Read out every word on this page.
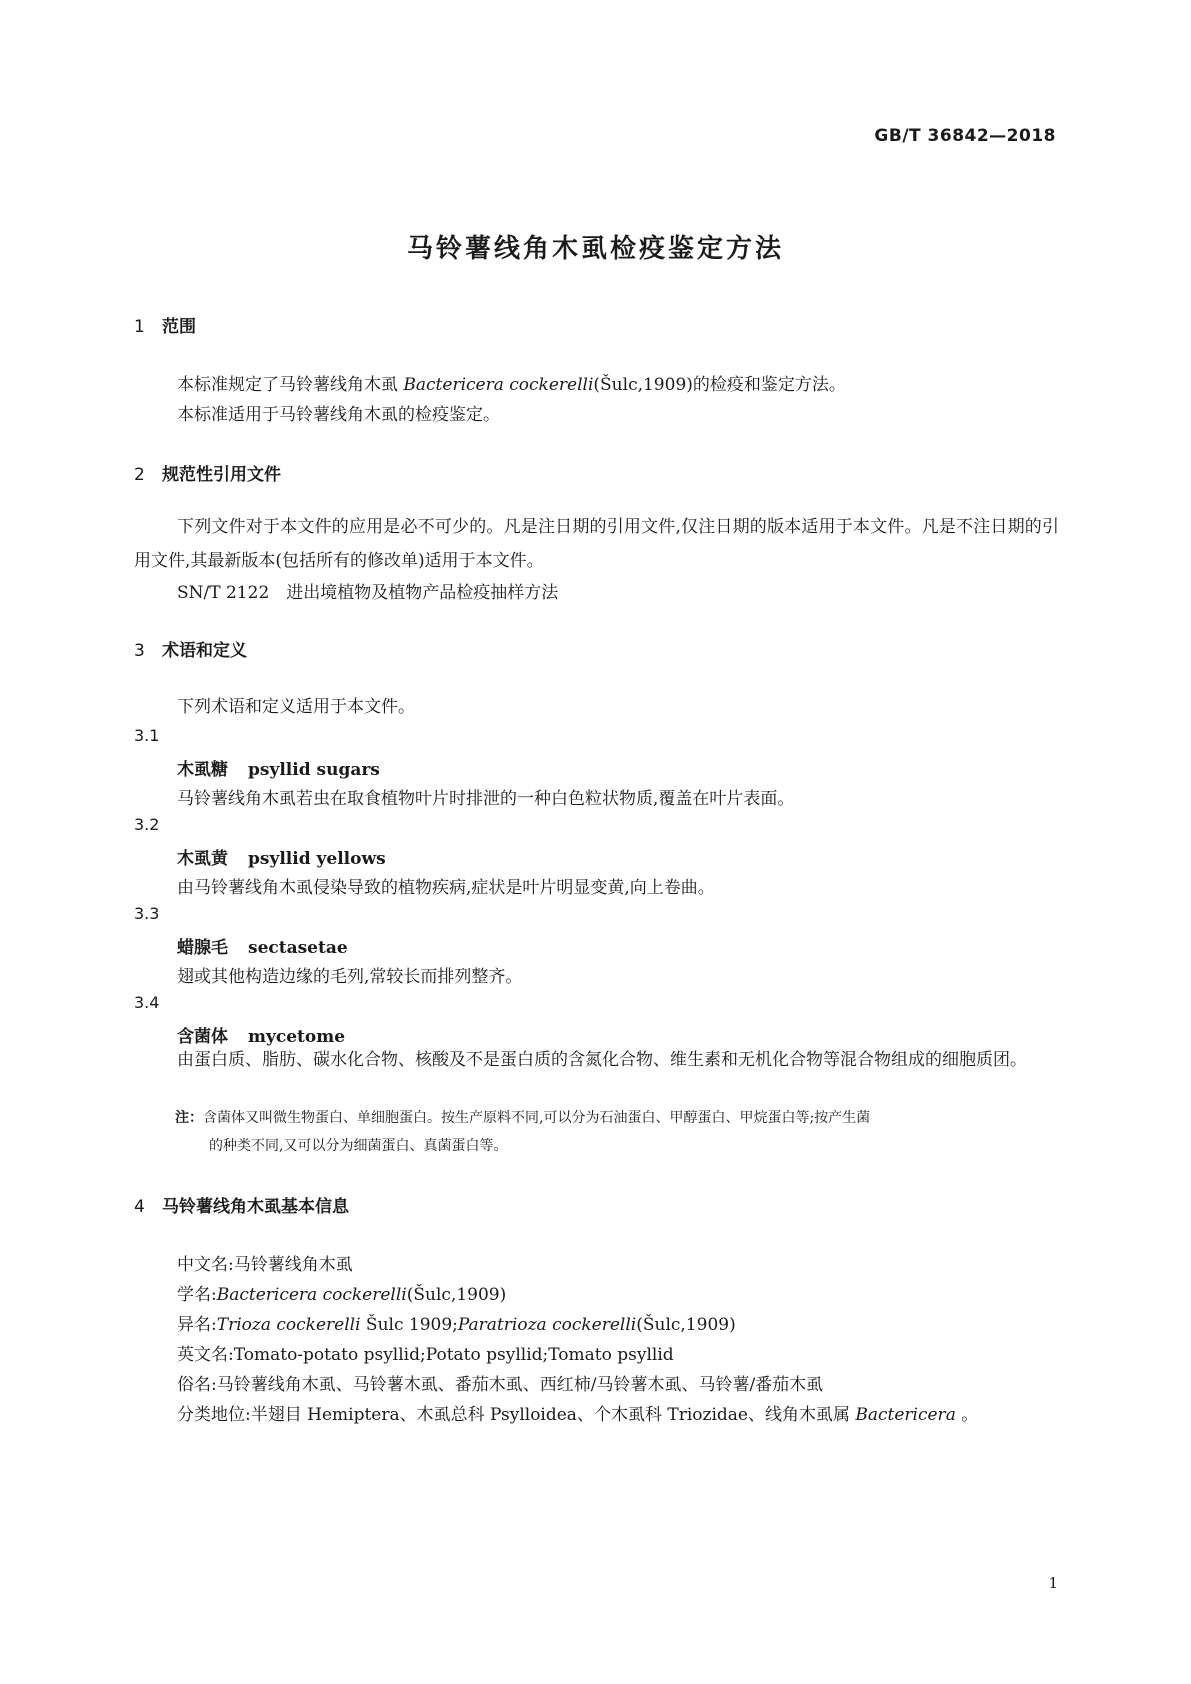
GB/T 36842—2018
马铃薯线角木虱检疫鉴定方法
1 范围
本标准规定了马铃薯线角木虱 Bactericera cockerelli(Šulc,1909)的检疫和鉴定方法。
本标准适用于马铃薯线角木虱的检疫鉴定。
2 规范性引用文件
下列文件对于本文件的应用是必不可少的。凡是注日期的引用文件,仅注日期的版本适用于本文件。凡是不注日期的引用文件,其最新版本(包括所有的修改单)适用于本文件。
SN/T 2122　进出境植物及植物产品检疫抽样方法
3 术语和定义
下列术语和定义适用于本文件。
3.1
木虱糖 psyllid sugars
马铃薯线角木虱若虫在取食植物叶片时排泄的一种白色粒状物质,覆盖在叶片表面。
3.2
木虱黄 psyllid yellows
由马铃薯线角木虱侵染导致的植物疾病,症状是叶片明显变黄,向上卷曲。
3.3
蜡腺毛 sectasetae
翅或其他构造边缘的毛列,常较长而排列整齐。
3.4
含菌体 mycetome
由蛋白质、脂肪、碳水化合物、核酸及不是蛋白质的含氮化合物、维生素和无机化合物等混合物组成的细胞质团。
注：含菌体又叫微生物蛋白、单细胞蛋白。按生产原料不同,可以分为石油蛋白、甲醇蛋白、甲烷蛋白等;按产生菌
的种类不同,又可以分为细菌蛋白、真菌蛋白等。
4 马铃薯线角木虱基本信息
中文名:马铃薯线角木虱
学名:Bactericera cockerelli(Šulc,1909)
异名:Trioza cockerelli Šulc 1909;Paratrioza cockerelli(Šulc,1909)
英文名:Tomato-potato psyllid;Potato psyllid;Tomato psyllid
俗名:马铃薯线角木虱、马铃薯木虱、番茄木虱、西红柿/马铃薯木虱、马铃薯/番茄木虱
分类地位:半翅目 Hemiptera、木虱总科 Psylloidea、个木虱科 Triozidae、线角木虱属 Bactericera 。
1
